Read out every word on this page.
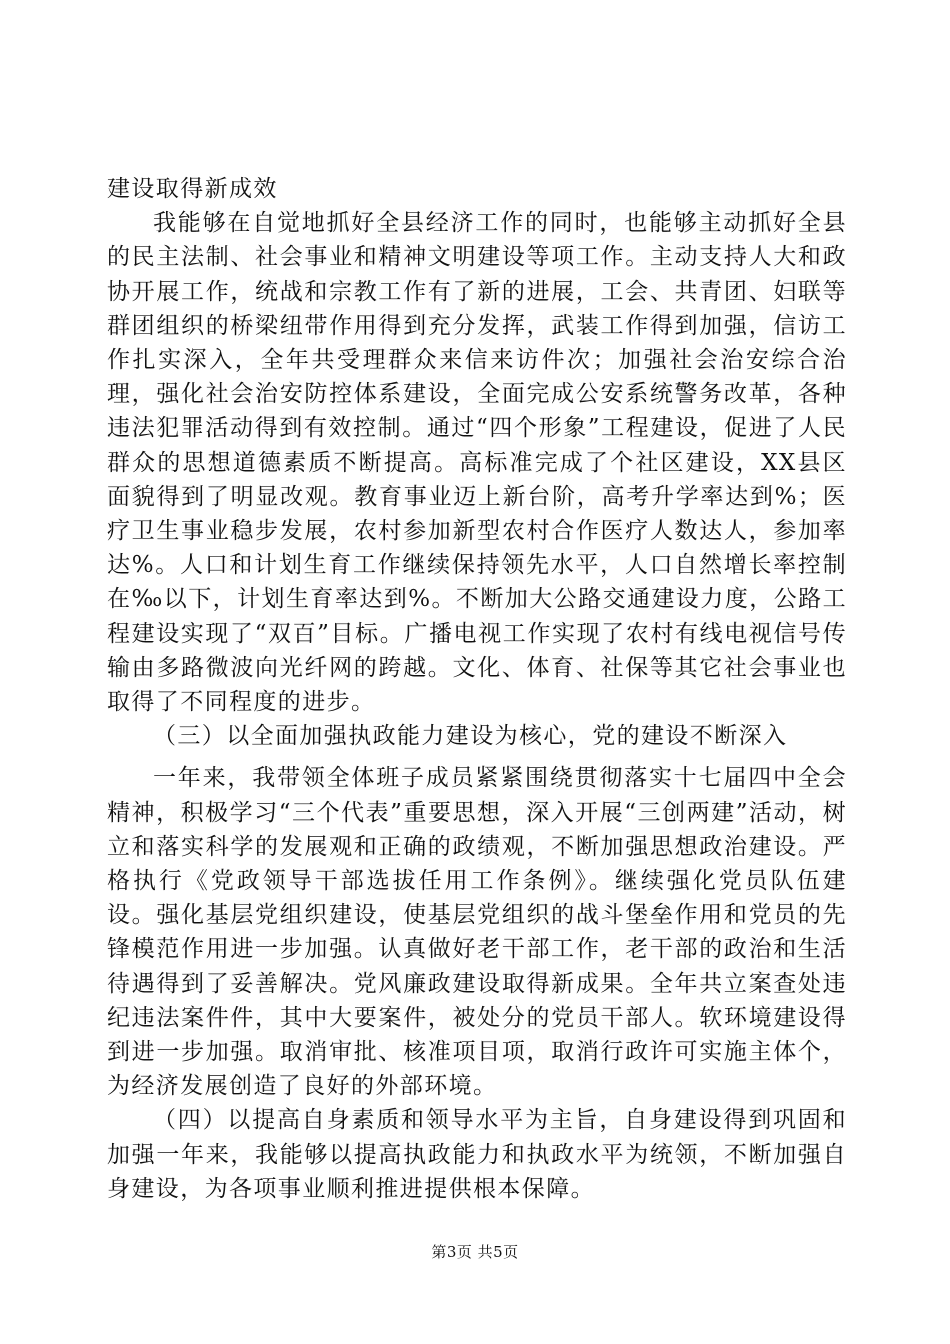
建设取得新成效

我能够在自觉地抓好全县经济工作的同时，也能够主动抓好全县的民主法制、社会事业和精神文明建设等项工作。主动支持人大和政协开展工作，统战和宗教工作有了新的进展，工会、共青团、妇联等群团组织的桥梁纽带作用得到充分发挥，武装工作得到加强，信访工作扎实深入，全年共受理群众来信来访件次；加强社会治安综合治理，强化社会治安防控体系建设，全面完成公安系统警务改革，各种违法犯罪活动得到有效控制。通过“四个形象”工程建设，促进了人民群众的思想道德素质不断提高。高标准完成了个社区建设，XX县区面貌得到了明显改观。教育事业迈上新台阶，高考升学率达到%；医疗卫生事业稳步发展，农村参加新型农村合作医疗人数达人，参加率达%。人口和计划生育工作继续保持领先水平，人口自然增长率控制在‰以下，计划生育率达到%。不断加大公路交通建设力度，公路工程建设实现了“双百”目标。广播电视工作实现了农村有线电视信号传输由多路微波向光纤网的跨越。文化、体育、社保等其它社会事业也取得了不同程度的进步。

（三）以全面加强执政能力建设为核心，党的建设不断深入

一年来，我带领全体班子成员紧紧围绕贯彻落实十七届四中全会精神，积极学习“三个代表”重要思想，深入开展“三创两建”活动，树立和落实科学的发展观和正确的政绩观，不断加强思想政治建设。严格执行《党政领导干部选拔任用工作条例》。继续强化党员队伍建设。强化基层党组织建设，使基层党组织的战斗堡垒作用和党员的先锋模范作用进一步加强。认真做好老干部工作，老干部的政治和生活待遇得到了妥善解决。党风廉政建设取得新成果。全年共立案查处违纪违法案件件，其中大要案件，被处分的党员干部人。软环境建设得到进一步加强。取消审批、核准项目项，取消行政许可实施主体个，为经济发展创造了良好的外部环境。

（四）以提高自身素质和领导水平为主旨，自身建设得到巩固和加强一年来，我能够以提高执政能力和执政水平为统领，不断加强自身建设，为各项事业顺利推进提供根本保障。

第3页 共5页
